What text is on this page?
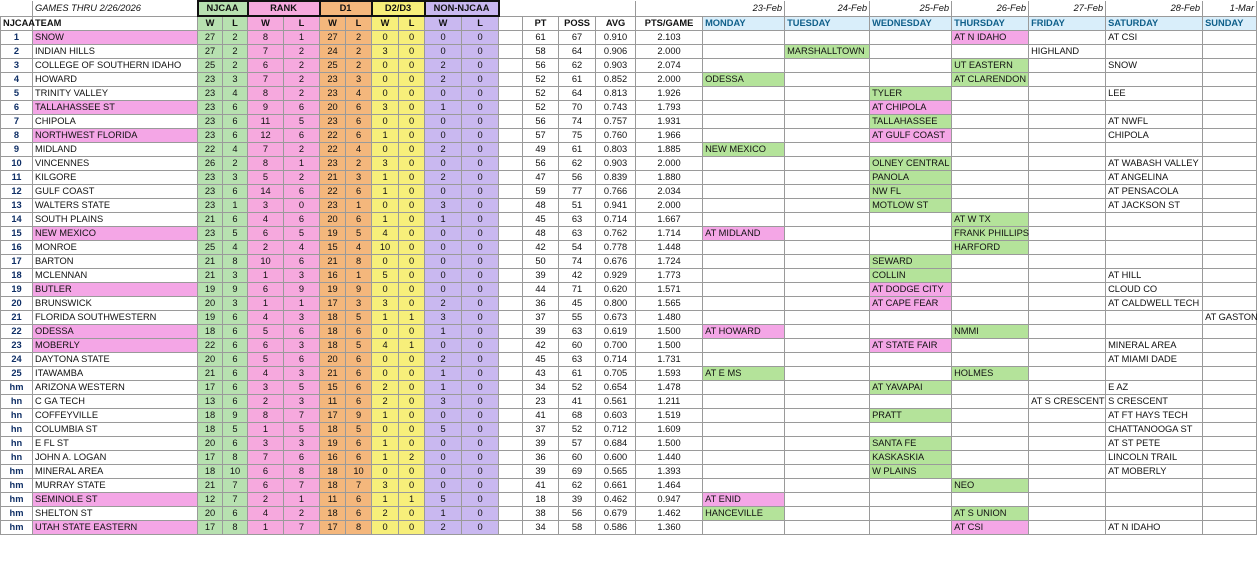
	GAMES THRU 2/26/2026	NJCAA		RANK		D1		D2/D3		NON-NJCAA						23-Feb		24-Feb	25-Feb	26-Feb	27-Feb	28-Feb	1-Mar
NJCAA	TEAM	W	L	W	L	W	L	W	L	W	L		PT	POSS	AVG	PTS/GAME	MONDAY	TUESDAY	WEDNESDAY	THURSDAY	FRIDAY	SATURDAY	SUNDAY
1	SNOW	27	2	8	1	27	2	0	0	0	0		61	67	0.910	2.103				AT N IDAHO		AT CSI	
2	INDIAN HILLS	27	2	7	2	24	2	3	0	0	0		58	64	0.906	2.000		MARSHALLTOWN			HIGHLAND		
3	COLLEGE OF SOUTHERN IDAHO	25	2	6	2	25	2	0	0	2	0		56	62	0.903	2.074				UT EASTERN		SNOW	
4	HOWARD	23	3	7	2	23	3	0	0	2	0		52	61	0.852	2.000	ODESSA			AT CLARENDON			
5	TRINITY VALLEY	23	4	8	2	23	4	0	0	0	0		52	64	0.813	1.926			TYLER			LEE	
6	TALLAHASSEE ST	23	6	9	6	20	6	3	0	1	0		52	70	0.743	1.793			AT CHIPOLA				
7	CHIPOLA	23	6	11	5	23	6	0	0	0	0		56	74	0.757	1.931			TALLAHASSEE			AT NWFL	
8	NORTHWEST FLORIDA	23	6	12	6	22	6	1	0	0	0		57	75	0.760	1.966			AT GULF COAST			CHIPOLA	
9	MIDLAND	22	4	7	2	22	4	0	0	2	0		49	61	0.803	1.885	NEW MEXICO						
10	VINCENNES	26	2	8	1	23	2	3	0	0	0		56	62	0.903	2.000			OLNEY CENTRAL			AT WABASH VALLEY	
11	KILGORE	23	3	5	2	21	3	1	0	2	0		47	56	0.839	1.880			PANOLA			AT ANGELINA	
12	GULF COAST	23	6	14	6	22	6	1	0	0	0		59	77	0.766	2.034			NW FL			AT PENSACOLA	
13	WALTERS STATE	23	1	3	0	23	1	0	0	3	0		48	51	0.941	2.000			MOTLOW ST			AT JACKSON ST	
14	SOUTH PLAINS	21	6	4	6	20	6	1	0	1	0		45	63	0.714	1.667				AT W TX			
15	NEW MEXICO	23	5	6	5	19	5	4	0	0	0		48	63	0.762	1.714	AT MIDLAND			FRANK PHILLIPS			
16	MONROE	25	4	2	4	15	4	10	0	0	0		42	54	0.778	1.448				HARFORD			
17	BARTON	21	8	10	6	21	8	0	0	0	0		50	74	0.676	1.724			SEWARD				
18	MCLENNAN	21	3	1	3	16	1	5	0	0	0		39	42	0.929	1.773			COLLIN			AT HILL	
19	BUTLER	19	9	6	9	19	9	0	0	0	0		44	71	0.620	1.571			AT DODGE CITY			CLOUD CO	
20	BRUNSWICK	20	3	1	1	17	3	3	0	2	0		36	45	0.800	1.565			AT CAPE FEAR			AT CALDWELL TECH	
21	FLORIDA SOUTHWESTERN	19	6	4	3	18	5	1	1	3	0		37	55	0.673	1.480							AT GASTON
22	ODESSA	18	6	5	6	18	6	0	0	1	0		39	63	0.619	1.500	AT HOWARD			NMMI			
23	MOBERLY	22	6	6	3	18	5	4	1	0	0		42	60	0.700	1.500			AT STATE FAIR			MINERAL AREA	
24	DAYTONA STATE	20	6	5	6	20	6	0	0	2	0		45	63	0.714	1.731						AT MIAMI DADE	
25	ITAWAMBA	21	6	4	3	21	6	0	0	1	0		43	61	0.705	1.593	AT E MS			HOLMES			
hm	ARIZONA WESTERN	17	6	3	5	15	6	2	0	1	0		34	52	0.654	1.478			AT YAVAPAI			E AZ	
hn	C GA TECH	13	6	2	3	11	6	2	0	3	0		23	41	0.561	1.211					AT S CRESCENT	S CRESCENT	
hn	COFFEYVILLE	18	9	8	7	17	9	1	0	0	0		41	68	0.603	1.519			PRATT			AT FT HAYS TECH	
hn	COLUMBIA ST	18	5	1	5	18	5	0	0	5	0		37	52	0.712	1.609						CHATTANOOGA ST	
hn	E FL ST	20	6	3	3	19	6	1	0	0	0		39	57	0.684	1.500			SANTA FE			AT ST PETE	
hn	JOHN A. LOGAN	17	8	7	6	16	6	1	2	0	0		36	60	0.600	1.440			KASKASKIA			LINCOLN TRAIL	
hm	MINERAL AREA	18	10	6	8	18	10	0	0	0	0		39	69	0.565	1.393			W PLAINS			AT MOBERLY	
hm	MURRAY STATE	21	7	6	7	18	7	3	0	0	0		41	62	0.661	1.464				NEO			
hm	SEMINOLE ST	12	7	2	1	11	6	1	1	5	0		18	39	0.462	0.947	AT ENID						
hm	SHELTON ST	20	6	4	2	18	6	2	0	1	0		38	56	0.679	1.462	HANCEVILLE			AT S UNION			
hm	UTAH STATE EASTERN	17	8	1	7	17	8	0	0	2	0		34	58	0.586	1.360				AT CSI		AT N IDAHO	
